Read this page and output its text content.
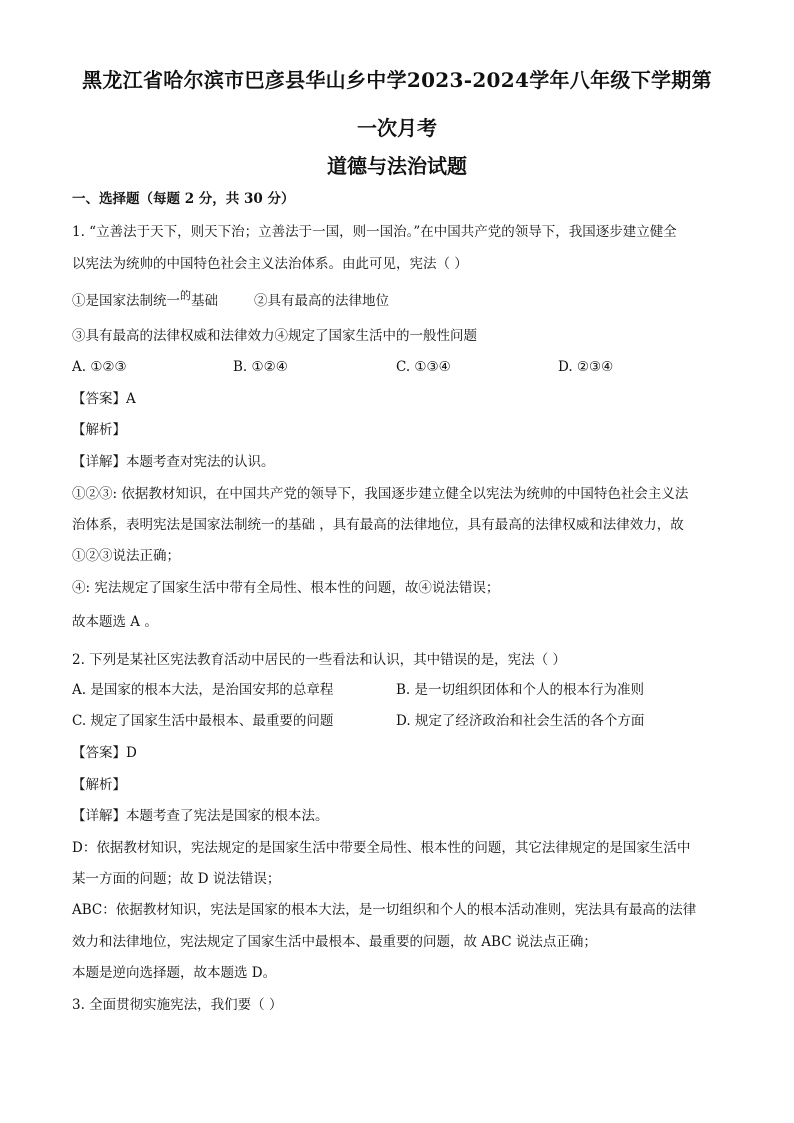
黑龙江省哈尔滨市巴彦县华山乡中学2023-2024学年八年级下学期第
一次月考
道德与法治试题
一、选择题（每题 2 分，共 30 分）
1. “立善法于天下，则天下治；立善法于一国，则一国治。”在中国共产党的领导下，我国逐步建立健全
以宪法为统帅的中国特色社会主义法治体系。由此可见，宪法（ ）
①是国家法制统一$^的$基础	②具有最高的法律地位
③具有最高的法律权威和法律效力④规定了国家生活中的一般性问题
A. ①②③	B. ①②④	C. ①③④	D. ②③④
【答案】A
【解析】
【详解】本题考查对宪法的认识。
①②③: 依据教材知识，在中国共产党的领导下，我国逐步建立健全以宪法为统帅的中国特色社会主义法
治体系，表明宪法是国家法制统一的基础 ，具有最高的法律地位，具有最高的法律权威和法律效力，故
①②③说法正确；
④: 宪法规定了国家生活中带有全局性、根本性的问题，故④说法错误；
故本题选 A 。
2. 下列是某社区宪法教育活动中居民的一些看法和认识，其中错误的是，宪法（ ）
A. 是国家的根本大法，是治国安邦的总章程	B. 是一切组织团体和个人的根本行为准则
C. 规定了国家生活中最根本、最重要的问题	D. 规定了经济政治和社会生活的各个方面
【答案】D
【解析】
【详解】本题考查了宪法是国家的根本法。
D：依据教材知识，宪法规定的是国家生活中带要全局性、根本性的问题，其它法律规定的是国家生活中
某一方面的问题；故 D 说法错误；
ABC：依据教材知识，宪法是国家的根本大法，是一切组织和个人的根本活动准则，宪法具有最高的法律
效力和法律地位，宪法规定了国家生活中最根本、最重要的问题，故 ABC 说法点正确；
本题是逆向选择题，故本题选 D。
3. 全面贯彻实施宪法，我们要（ ）
